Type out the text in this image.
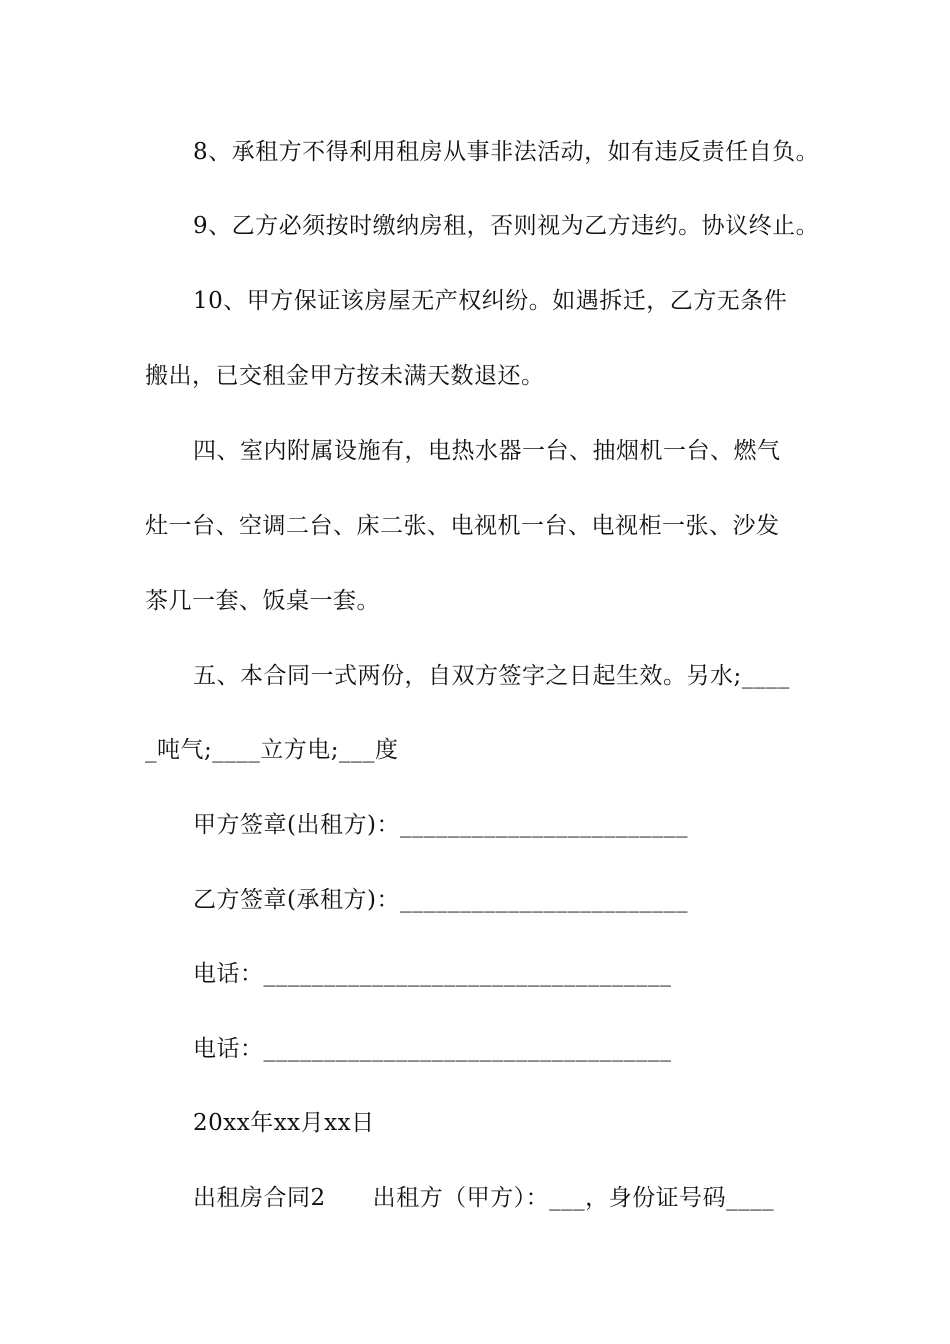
8、承租方不得利用租房从事非法活动，如有违反责任自负。
9、乙方必须按时缴纳房租，否则视为乙方违约。协议终止。
10、甲方保证该房屋无产权纠纷。如遇拆迁，乙方无条件
搬出，已交租金甲方按未满天数退还。
四、室内附属设施有，电热水器一台、抽烟机一台、燃气
灶一台、空调二台、床二张、电视机一台、电视柜一张、沙发
茶几一套、饭桌一套。
五、本合同一式两份，自双方签字之日起生效。另水;____
_吨气;____立方电;___度
甲方签章(出租方)：________________________
乙方签章(承租方)：________________________
电话：__________________________________
电话：__________________________________
20xx年xx月xx日
出租房合同2　　出租方（甲方）：___，身份证号码____
